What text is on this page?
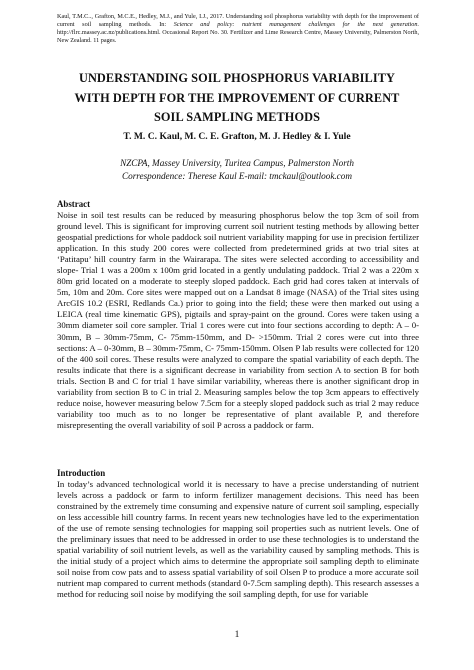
Kaul, T.M.C.., Grafton, M.C.E., Hedley, M.J., and Yule, I.J., 2017. Understanding soil phosphorus variability with depth for the improvement of current soil sampling methods. In: Science and policy: nutrient management challenges for the next generation. http://flrc.massey.ac.nz/publications.html. Occasional Report No. 30. Fertilizer and Lime Research Centre, Massey University, Palmerston North, New Zealand. 11 pages.
UNDERSTANDING SOIL PHOSPHORUS VARIABILITY
WITH DEPTH FOR THE IMPROVEMENT OF CURRENT
SOIL SAMPLING METHODS
T. M. C. Kaul, M. C. E. Grafton, M. J. Hedley & I. Yule
NZCPA, Massey University, Turitea Campus, Palmerston North
Correspondence: Therese Kaul E-mail: tmckaul@outlook.com
Abstract

Noise in soil test results can be reduced by measuring phosphorus below the top 3cm of soil from ground level. This is significant for improving current soil nutrient testing methods by allowing better geospatial predictions for whole paddock soil nutrient variability mapping for use in precision fertilizer application. In this study 200 cores were collected from predetermined grids at two trial sites at ‘Patitapu’ hill country farm in the Wairarapa. The sites were selected according to accessibility and slope- Trial 1 was a 200m x 100m grid located in a gently undulating paddock. Trial 2 was a 220m x 80m grid located on a moderate to steeply sloped paddock. Each grid had cores taken at intervals of 5m, 10m and 20m. Core sites were mapped out on a Landsat 8 image (NASA) of the Trial sites using ArcGIS 10.2 (ESRI, Redlands Ca.) prior to going into the field; these were then marked out using a LEICA (real time kinematic GPS), pigtails and spray-paint on the ground. Cores were taken using a 30mm diameter soil core sampler. Trial 1 cores were cut into four sections according to depth: A – 0-30mm, B – 30mm-75mm, C- 75mm-150mm, and D- >150mm. Trial 2 cores were cut into three sections: A – 0-30mm, B – 30mm-75mm, C- 75mm-150mm. Olsen P lab results were collected for 120 of the 400 soil cores. These results were analyzed to compare the spatial variability of each depth. The results indicate that there is a significant decrease in variability from section A to section B for both trials. Section B and C for trial 1 have similar variability, whereas there is another significant drop in variability from section B to C in trial 2. Measuring samples below the top 3cm appears to effectively reduce noise, however measuring below 7.5cm for a steeply sloped paddock such as trial 2 may reduce variability too much as to no longer be representative of plant available P, and therefore misrepresenting the overall variability of soil P across a paddock or farm.

Introduction

In today’s advanced technological world it is necessary to have a precise understanding of nutrient levels across a paddock or farm to inform fertilizer management decisions. This need has been constrained by the extremely time consuming and expensive nature of current soil sampling, especially on less accessible hill country farms. In recent years new technologies have led to the experimentation of the use of remote sensing technologies for mapping soil properties such as nutrient levels. One of the preliminary issues that need to be addressed in order to use these technologies is to understand the spatial variability of soil nutrient levels, as well as the variability caused by sampling methods. This is the initial study of a project which aims to determine the appropriate soil sampling depth to eliminate soil noise from cow pats and to assess spatial variability of soil Olsen P to produce a more accurate soil nutrient map compared to current methods (standard 0-7.5cm sampling depth). This research assesses a method for reducing soil noise by modifying the soil sampling depth, for use for variable

1
